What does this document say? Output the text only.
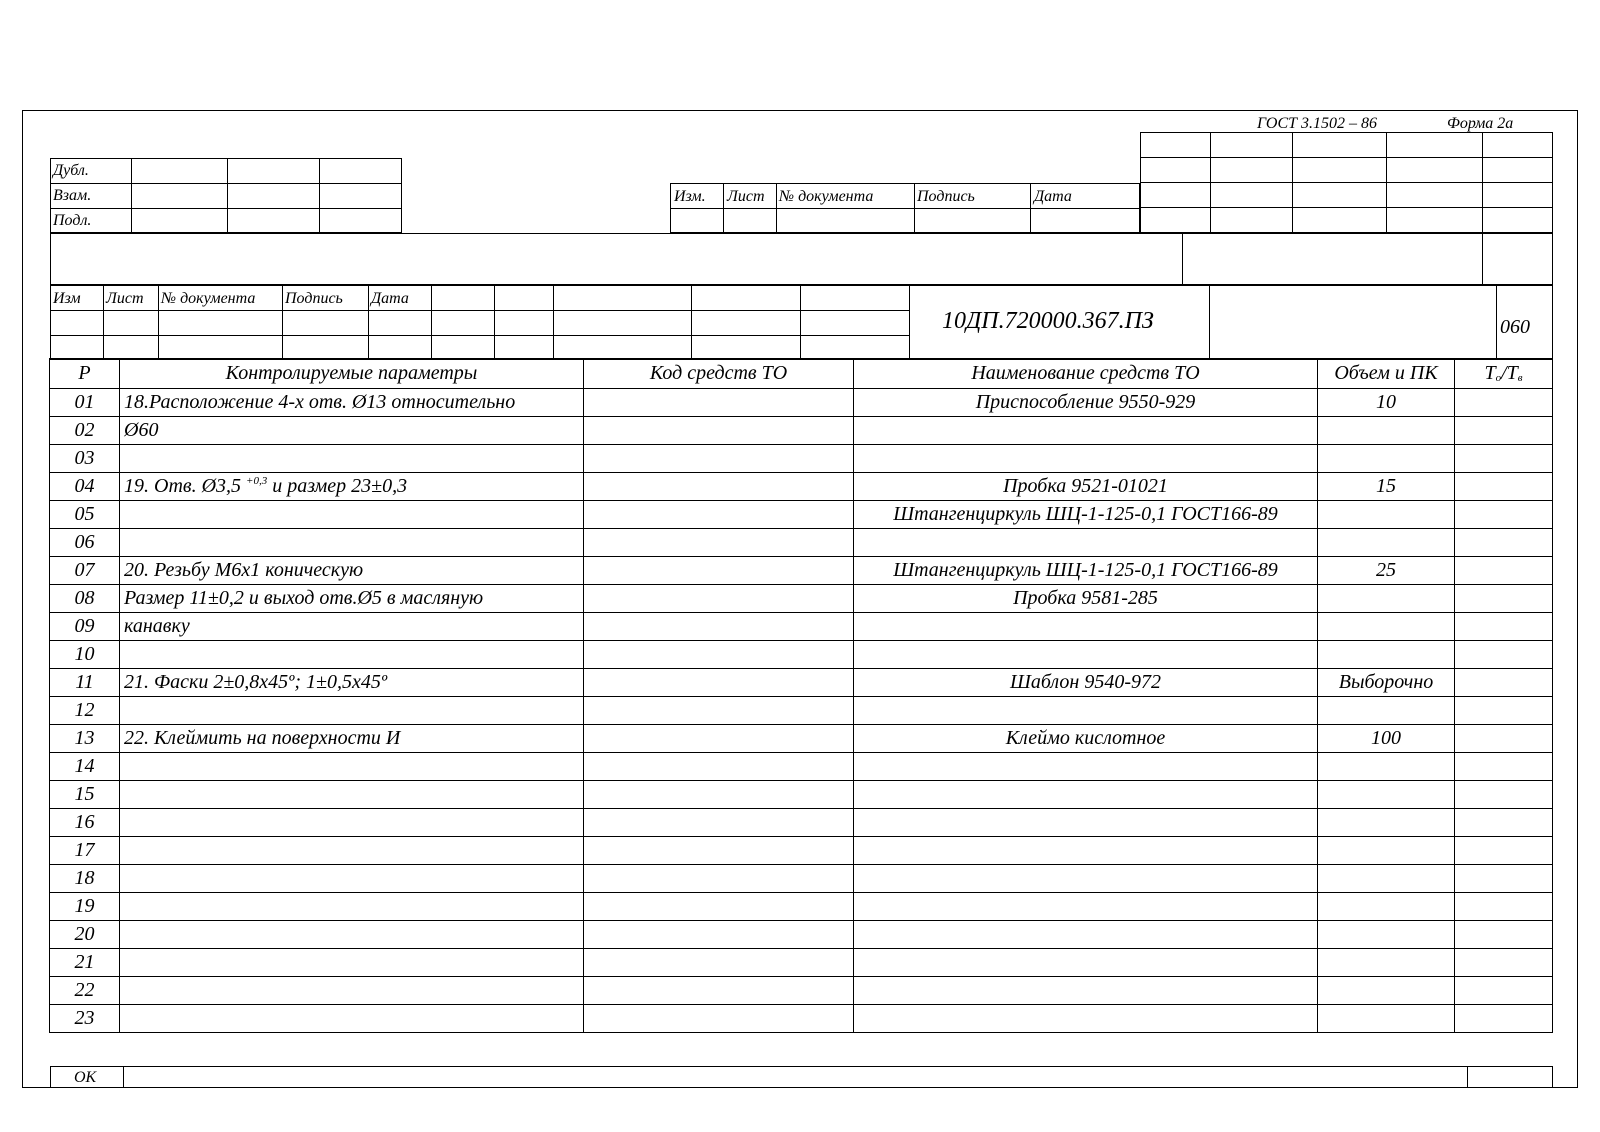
ГОСТ 3.1502 – 86	Форма 2а
Дубл.
Взам.
Подл.
Изм. Лист № документа	Подпись	Дата
Изм Лист № документа Подпись Дата
10ДП.720000.367.ПЗ	060
Р	Контролируемые параметры	Код средств ТО	Наименование средств ТО	Объем и ПК	$Т_о/Т_в$
01	18.Расположение 4-х отв. Ø13 относительно		Приспособление 9550-929	10	
02	Ø60				
03					
04	19. Отв. Ø3,5 $^{+0,3}$ и размер 23±0,3		Пробка 9521-01021	15	
05			Штангенциркуль ШЦ-1-125-0,1 ГОСТ166-89		
06					
07	20. Резьбу М6х1 коническую		Штангенциркуль ШЦ-1-125-0,1 ГОСТ166-89	25	
08	Размер 11±0,2 и выход отв.Ø5 в масляную		Пробка 9581-285		
09	канавку				
10					
11	21. Фаски 2±0,8х45º; 1±0,5х45º		Шаблон 9540-972	Выборочно	
12					
13	22. Клеймить на поверхности И		Клеймо кислотное	100	
14					
15					
16					
17					
18					
19					
20					
21					
22					
23					
ОК
